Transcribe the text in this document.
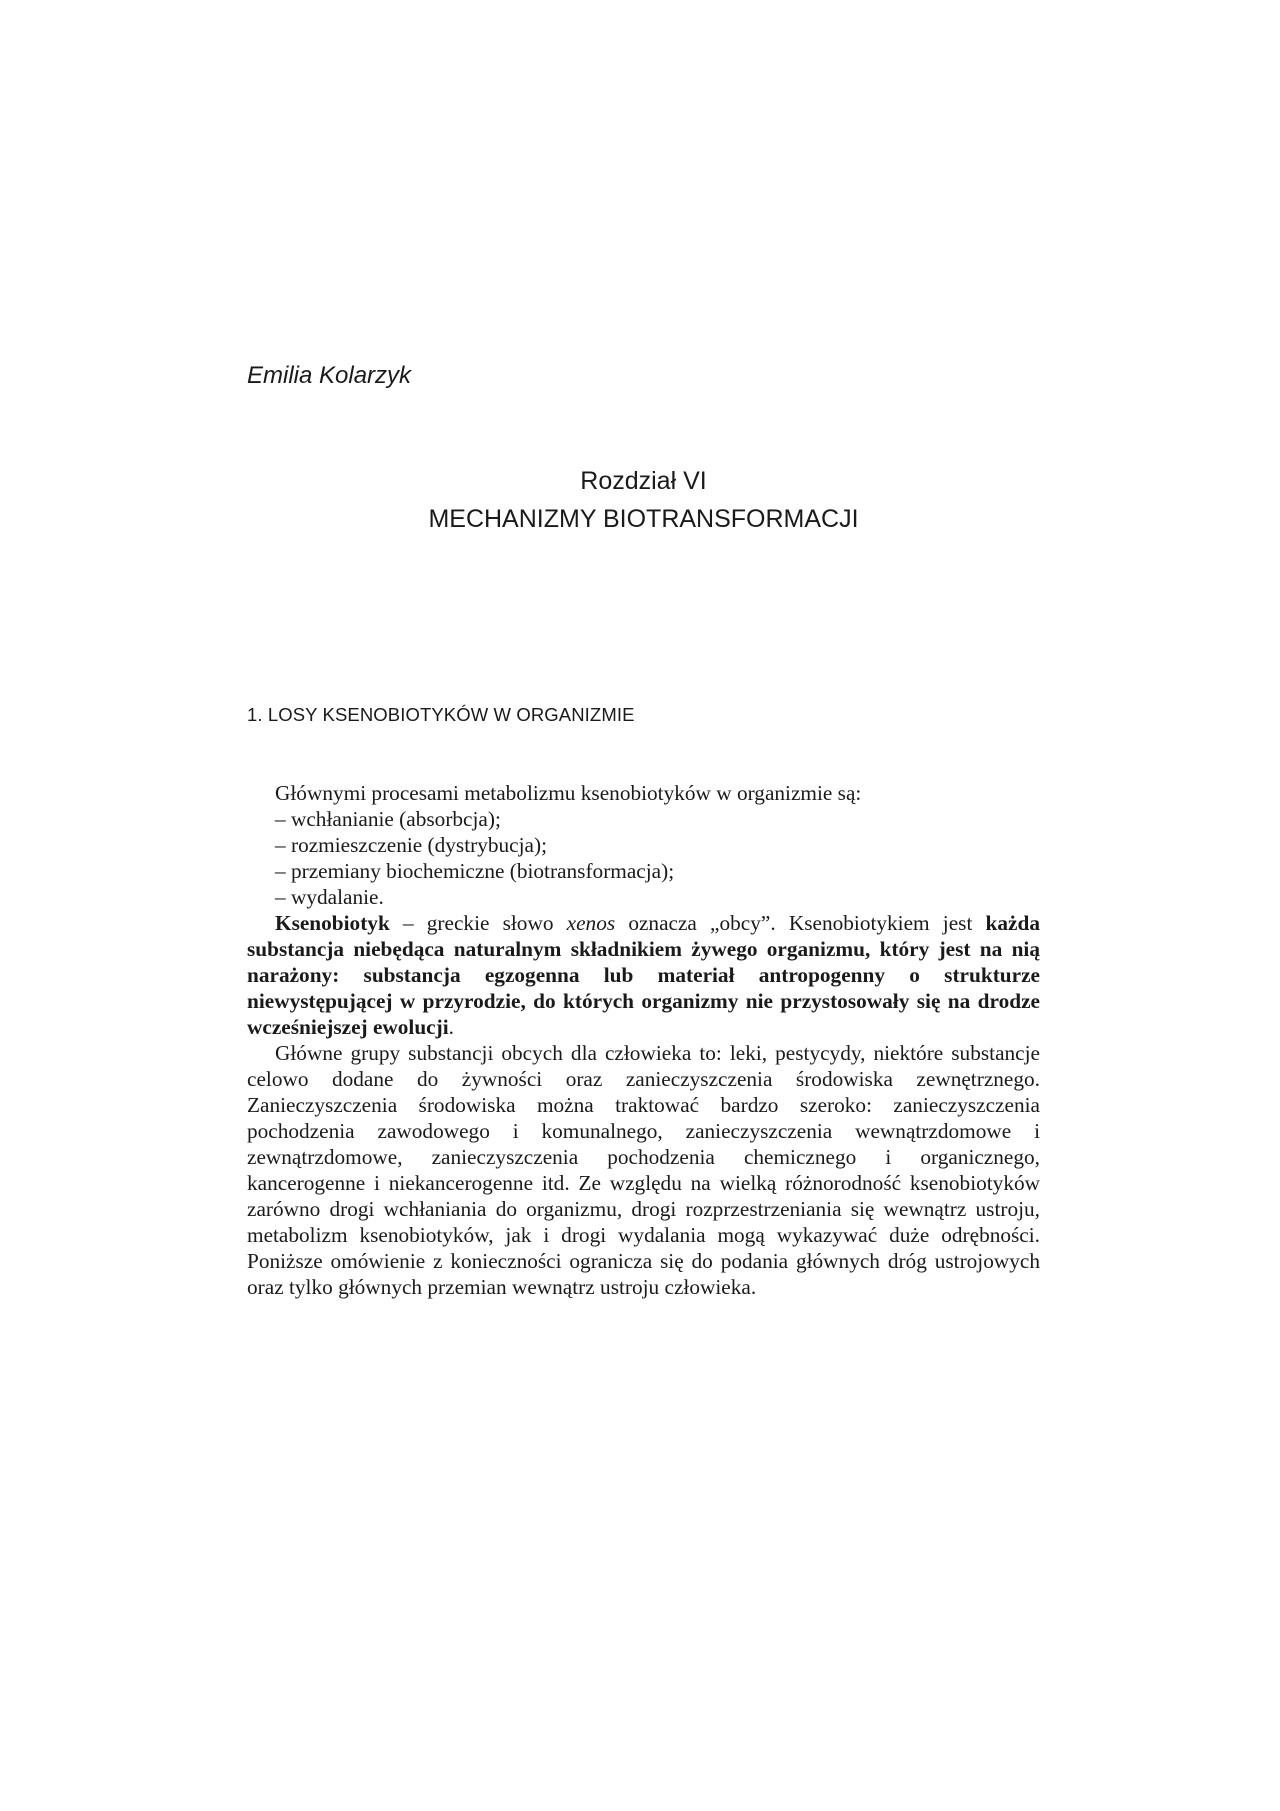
Emilia Kolarzyk

Rozdział VI
MECHANIZMY BIOTRANSFORMACJI
1. LOSY KSENOBIOTYKÓW W ORGANIZMIE

Głównymi procesami metabolizmu ksenobiotyków w organizmie są:

– wchłanianie (absorbcja);
– rozmieszczenie (dystrybucja);
– przemiany biochemiczne (biotransformacja);
– wydalanie.

Ksenobiotyk – greckie słowo xenos oznacza „obcy”. Ksenobiotykiem jest każda substancja niebędąca naturalnym składnikiem żywego organizmu, który jest na nią narażony: substancja egzogenna lub materiał antropogenny o strukturze niewystępującej w przyrodzie, do których organizmy nie przystosowały się na drodze wcześniejszej ewolucji.

Główne grupy substancji obcych dla człowieka to: leki, pestycydy, niektóre substancje celowo dodane do żywności oraz zanieczyszczenia środowiska zewnętrznego. Zanieczyszczenia środowiska można traktować bardzo szeroko: zanieczyszczenia pochodzenia zawodowego i komunalnego, zanieczyszczenia wewnątrzdomowe i zewnątrzdomowe, zanieczyszczenia pochodzenia chemicznego i organicznego, kancerogenne i niekancerogenne itd. Ze względu na wielką różnorodność ksenobiotyków zarówno drogi wchłaniania do organizmu, drogi rozprzestrzeniania się wewnątrz ustroju, metabolizm ksenobiotyków, jak i drogi wydalania mogą wykazywać duże odrębności. Poniższe omówienie z konieczności ogranicza się do podania głównych dróg ustrojowych oraz tylko głównych przemian wewnątrz ustroju człowieka.
